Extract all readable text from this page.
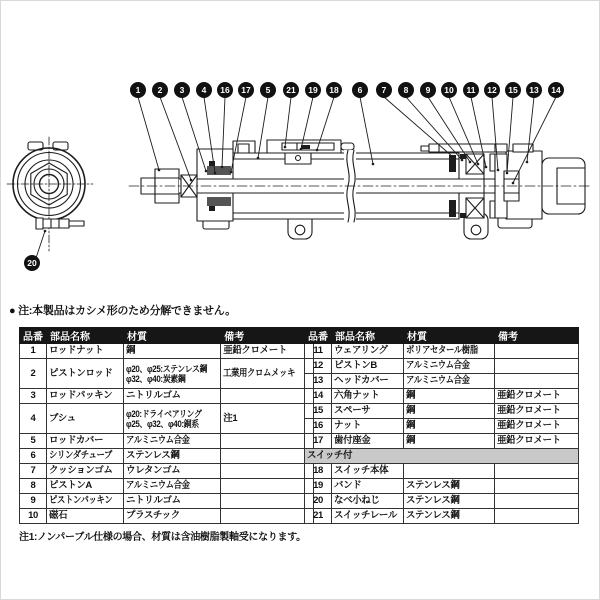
1 2 3 4 16 17 5 21 19 18 6 7 8 9 10 11 12 15 13 14
20
● 注:本製品はカシメ形のため分解できません。
品番	部品名称	材質	備考
1	ロッドナット	鋼	亜鉛クロメート
2	ピストンロッド	φ20、φ25:ステンレス鋼
φ32、φ40:炭素鋼	工業用クロムメッキ
3	ロッドパッキン	ニトリルゴム	
4	ブシュ	φ20:ドライベアリング
φ25、φ32、φ40:銅系	注1
5	ロッドカバー	アルミニウム合金	
6	シリンダチューブ	ステンレス鋼	
7	クッションゴム	ウレタンゴム	
8	ピストンA	アルミニウム合金	
9	ピストンパッキン	ニトリルゴム	
10	磁石	プラスチック	
品番	部品名称	材質	備考
11	ウェアリング	ポリアセタール樹脂	
12	ピストンB	アルミニウム合金	
13	ヘッドカバー	アルミニウム合金	
14	六角ナット	鋼	亜鉛クロメート
15	スペーサ	鋼	亜鉛クロメート
16	ナット	鋼	亜鉛クロメート
17	歯付座金	鋼	亜鉛クロメート
スイッチ付			
18	スイッチ本体		
19	バンド	ステンレス鋼	
20	なべ小ねじ	ステンレス鋼	
21	スイッチレール	ステンレス鋼	
注1:ノンパーブル仕様の場合、材質は含油樹脂製軸受になります。
